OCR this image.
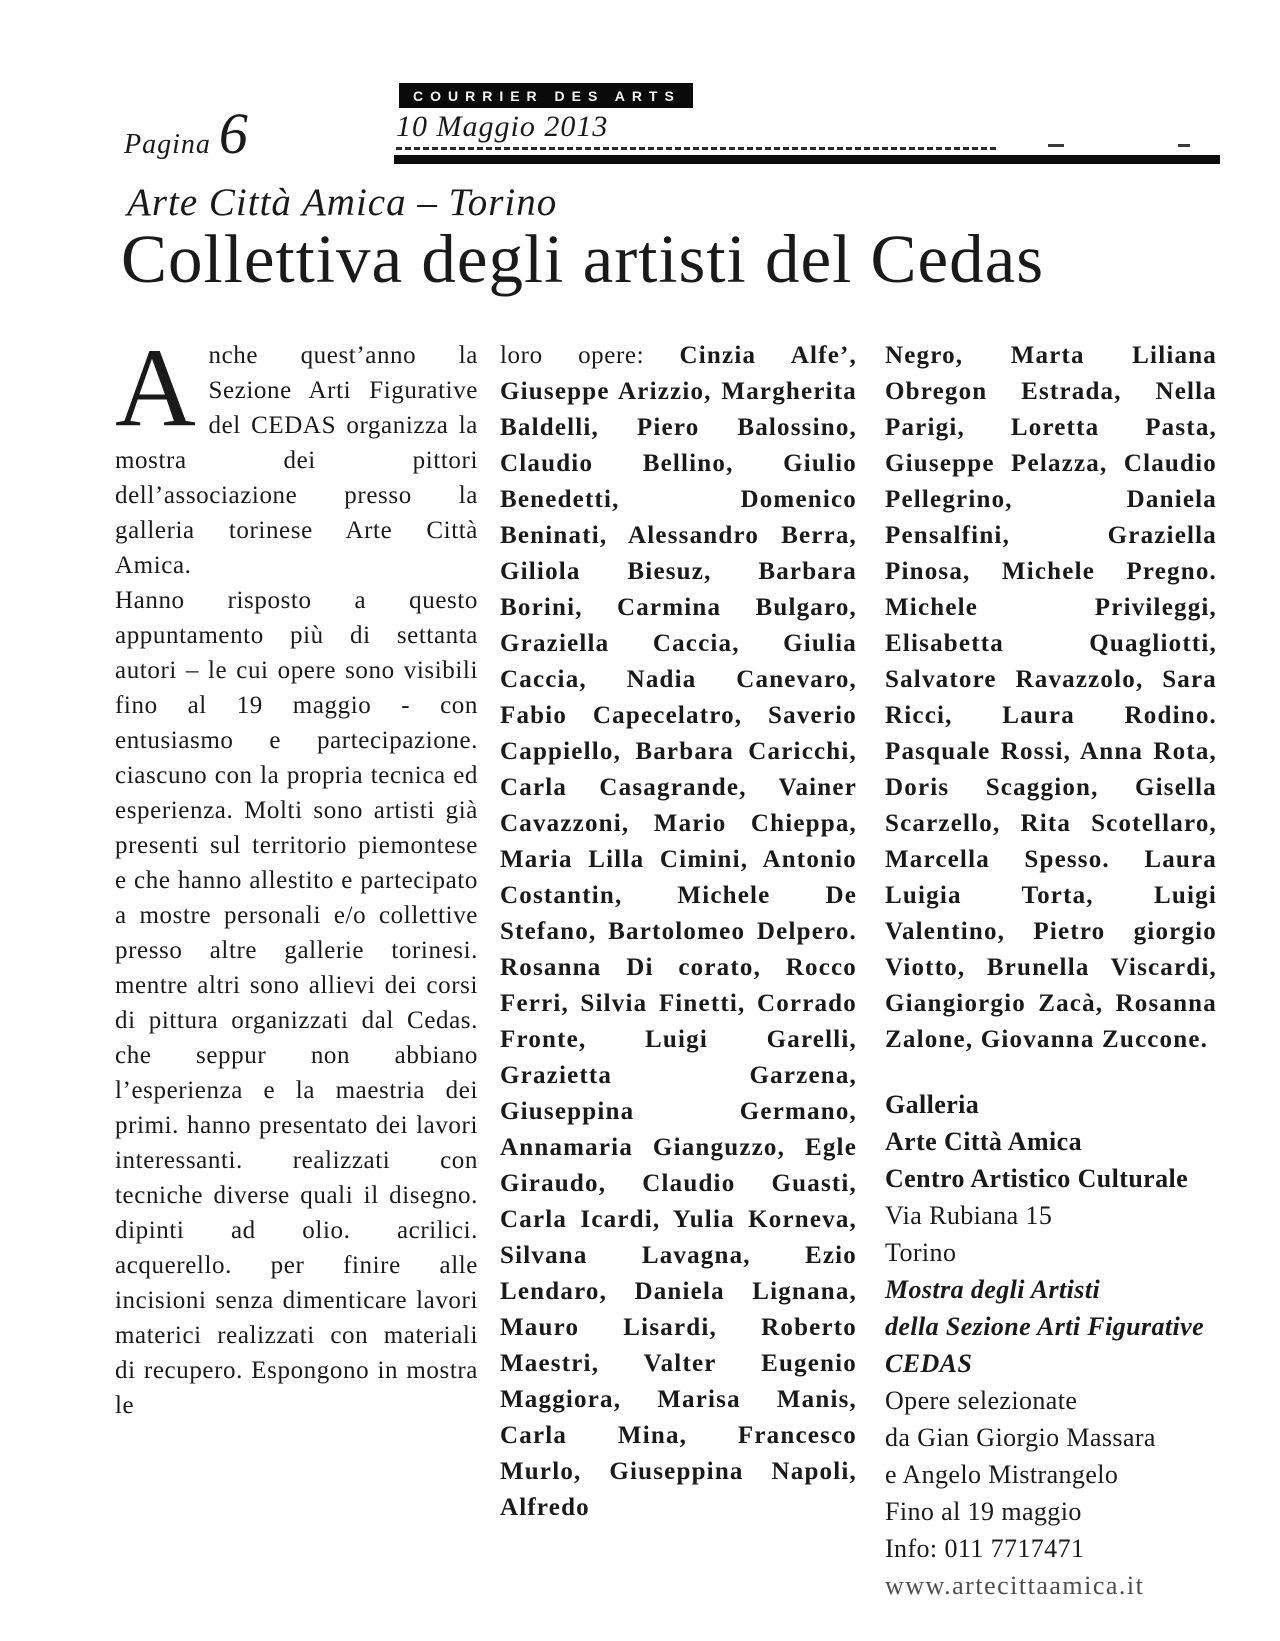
Pagina 6
COURRIER DES ARTS
10 Maggio 2013
Arte Città Amica – Torino
Collettiva degli artisti del Cedas

Anche quest’anno la Sezione Arti Figurative del CEDAS organizza la mostra dei pittori dell’associazione presso la galleria torinese Arte Città Amica.

Hanno risposto a questo appuntamento più di settanta autori – le cui opere sono visibili fino al 19 maggio - con entusiasmo e partecipazione. ciascuno con la propria tecnica ed esperienza. Molti sono artisti già presenti sul territorio piemontese e che hanno allestito e partecipato a mostre personali e/o collettive presso altre gallerie torinesi. mentre altri sono allievi dei corsi di pittura organizzati dal Cedas. che seppur non abbiano l’esperienza e la maestria dei primi. hanno presentato dei lavori interessanti. realizzati con tecniche diverse quali il disegno. dipinti ad olio. acrilici. acquerello. per finire alle incisioni senza dimenticare lavori materici realizzati con materiali di recupero. Espongono in mostra le

loro opere: Cinzia Alfe’, Giuseppe Arizzio, Margherita Baldelli, Piero Balossino, Claudio Bellino, Giulio Benedetti, Domenico Beninati, Alessandro Berra, Giliola Biesuz, Barbara Borini, Carmina Bulgaro, Graziella Caccia, Giulia Caccia, Nadia Canevaro, Fabio Capecelatro, Saverio Cappiello, Barbara Caricchi, Carla Casagrande, Vainer Cavazzoni, Mario Chieppa, Maria Lilla Cimini, Antonio Costantin, Michele De Stefano, Bartolomeo Delpero. Rosanna Di corato, Rocco Ferri, Silvia Finetti, Corrado Fronte, Luigi Garelli, Grazietta Garzena, Giuseppina Germano, Annamaria Gianguzzo, Egle Giraudo, Claudio Guasti, Carla Icardi, Yulia Korneva, Silvana Lavagna, Ezio Lendaro, Daniela Lignana, Mauro Lisardi, Roberto Maestri, Valter Eugenio Maggiora, Marisa Manis, Carla Mina, Francesco Murlo, Giuseppina Napoli, Alfredo

Negro, Marta Liliana Obregon Estrada, Nella Parigi, Loretta Pasta, Giuseppe Pelazza, Claudio Pellegrino, Daniela Pensalfini, Graziella Pinosa, Michele Pregno. Michele Privileggi, Elisabetta Quagliotti, Salvatore Ravazzolo, Sara Ricci, Laura Rodino. Pasquale Rossi, Anna Rota, Doris Scaggion, Gisella Scarzello, Rita Scotellaro, Marcella Spesso. Laura Luigia Torta, Luigi Valentino, Pietro giorgio Viotto, Brunella Viscardi, Giangiorgio Zacà, Rosanna Zalone, Giovanna Zuccone.

Galleria
Arte Città Amica
Centro Artistico Culturale
Via Rubiana 15
Torino
Mostra degli Artisti
della Sezione Arti Figurative
CEDAS
Opere selezionate
da Gian Giorgio Massara
e Angelo Mistrangelo
Fino al 19 maggio
Info: 011 7717471
www.artecittaamica.it
